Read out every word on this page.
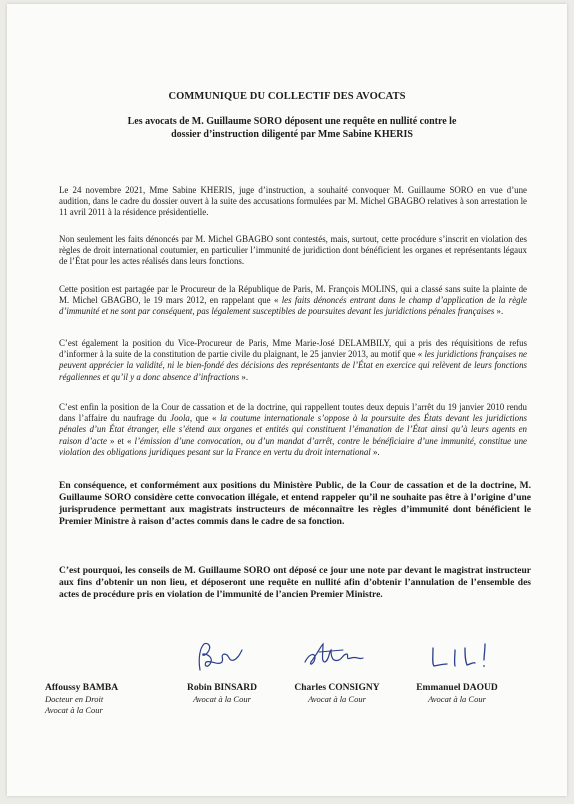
COMMUNIQUE DU COLLECTIF DES AVOCATS
Les avocats de M. Guillaume SORO déposent une requête en nullité contre le dossier d’instruction diligenté par Mme Sabine KHERIS

Le 24 novembre 2021, Mme Sabine KHERIS, juge d’instruction, a souhaité convoquer M. Guillaume SORO en vue d’une audition, dans le cadre du dossier ouvert à la suite des accusations formulées par M. Michel GBAGBO relatives à son arrestation le 11 avril 2011 à la résidence présidentielle.

Non seulement les faits dénoncés par M. Michel GBAGBO sont contestés, mais, surtout, cette procédure s’inscrit en violation des règles de droit international coutumier, en particulier l’immunité de juridiction dont bénéficient les organes et représentants légaux de l’État pour les actes réalisés dans leurs fonctions.

Cette position est partagée par le Procureur de la République de Paris, M. François MOLINS, qui a classé sans suite la plainte de M. Michel GBAGBO, le 19 mars 2012, en rappelant que « les faits dénoncés entrant dans le champ d’application de la règle d’immunité et ne sont par conséquent, pas légalement susceptibles de poursuites devant les juridictions pénales françaises ».

C’est également la position du Vice-Procureur de Paris, Mme Marie-José DELAMBILY, qui a pris des réquisitions de refus d’informer à la suite de la constitution de partie civile du plaignant, le 25 janvier 2013, au motif que « les juridictions françaises ne peuvent apprécier la validité, ni le bien-fondé des décisions des représentants de l’État en exercice qui relèvent de leurs fonctions régaliennes et qu’il y a donc absence d’infractions ».

C’est enfin la position de la Cour de cassation et de la doctrine, qui rappellent toutes deux depuis l’arrêt du 19 janvier 2010 rendu dans l’affaire du naufrage du Joola, que « la coutume internationale s’oppose à la poursuite des États devant les juridictions pénales d’un État étranger, elle s’étend aux organes et entités qui constituent l’émanation de l’État ainsi qu’à leurs agents en raison d’acte » et « l’émission d’une convocation, ou d’un mandat d’arrêt, contre le bénéficiaire d’une immunité, constitue une violation des obligations juridiques pesant sur la France en vertu du droit international ».

En conséquence, et conformément aux positions du Ministère Public, de la Cour de cassation et de la doctrine, M. Guillaume SORO considère cette convocation illégale, et entend rappeler qu’il ne souhaite pas être à l’origine d’une jurisprudence permettant aux magistrats instructeurs de méconnaître les règles d’immunité dont bénéficient le Premier Ministre à raison d’actes commis dans le cadre de sa fonction.

C’est pourquoi, les conseils de M. Guillaume SORO ont déposé ce jour une note par devant le magistrat instructeur aux fins d’obtenir un non lieu, et déposeront une requête en nullité afin d’obtenir l’annulation de l’ensemble des actes de procédure pris en violation de l’immunité de l’ancien Premier Ministre.

Affoussy BAMBA
Docteur en Droit
Avocat à la Cour
Robin BINSARD
Avocat à la Cour
Charles CONSIGNY
Avocat à la Cour
Emmanuel DAOUD
Avocat à la Cour
